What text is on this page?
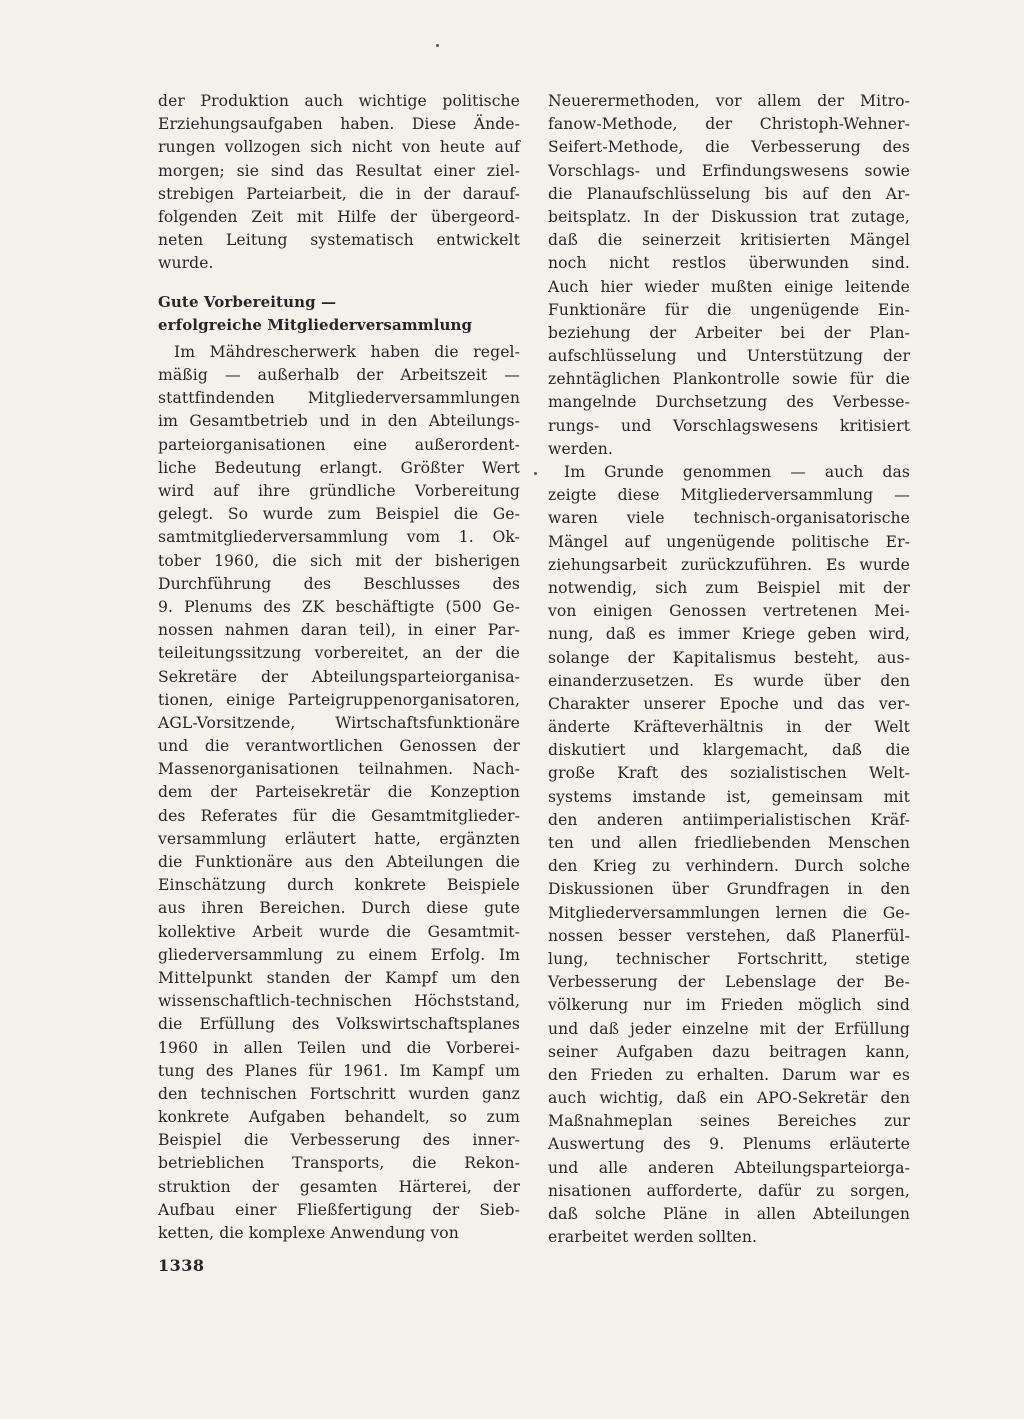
der Produktion auch wichtige politische
Erziehungsaufgaben haben. Diese Ände-
rungen vollzogen sich nicht von heute auf
morgen; sie sind das Resultat einer ziel-
strebigen Parteiarbeit, die in der darauf-
folgenden Zeit mit Hilfe der übergeord-
neten Leitung systematisch entwickelt
wurde.
Gute Vorbereitung —
erfolgreiche Mitgliederversammlung
Im Mähdrescherwerk haben die regel-
mäßig — außerhalb der Arbeitszeit —
stattfindenden Mitgliederversammlungen
im Gesamtbetrieb und in den Abteilungs-
parteiorganisationen eine außerordent-
liche Bedeutung erlangt. Größter Wert
wird auf ihre gründliche Vorbereitung
gelegt. So wurde zum Beispiel die Ge-
samtmitgliederversammlung vom 1. Ok-
tober 1960, die sich mit der bisherigen
Durchführung des Beschlusses des
9. Plenums des ZK beschäftigte (500 Ge-
nossen nahmen daran teil), in einer Par-
teileitungssitzung vorbereitet, an der die
Sekretäre der Abteilungsparteiorganisa-
tionen, einige Parteigruppenorganisatoren,
AGL-Vorsitzende, Wirtschaftsfunktionäre
und die verantwortlichen Genossen der
Massenorganisationen teilnahmen. Nach-
dem der Parteisekretär die Konzeption
des Referates für die Gesamtmitglieder-
versammlung erläutert hatte, ergänzten
die Funktionäre aus den Abteilungen die
Einschätzung durch konkrete Beispiele
aus ihren Bereichen. Durch diese gute
kollektive Arbeit wurde die Gesamtmit-
gliederversammlung zu einem Erfolg. Im
Mittelpunkt standen der Kampf um den
wissenschaftlich-technischen Höchststand,
die Erfüllung des Volkswirtschaftsplanes
1960 in allen Teilen und die Vorberei-
tung des Planes für 1961. Im Kampf um
den technischen Fortschritt wurden ganz
konkrete Aufgaben behandelt, so zum
Beispiel die Verbesserung des inner-
betrieblichen Transports, die Rekon-
struktion der gesamten Härterei, der
Aufbau einer Fließfertigung der Sieb-
ketten, die komplexe Anwendung von
Neuerermethoden, vor allem der Mitro-
fanow-Methode, der Christoph-Wehner-
Seifert-Methode, die Verbesserung des
Vorschlags- und Erfindungswesens sowie
die Planaufschlüsselung bis auf den Ar-
beitsplatz. In der Diskussion trat zutage,
daß die seinerzeit kritisierten Mängel
noch nicht restlos überwunden sind.
Auch hier wieder mußten einige leitende
Funktionäre für die ungenügende Ein-
beziehung der Arbeiter bei der Plan-
aufschlüsselung und Unterstützung der
zehntäglichen Plankontrolle sowie für die
mangelnde Durchsetzung des Verbesse-
rungs- und Vorschlagswesens kritisiert
werden.
Im Grunde genommen — auch das
zeigte diese Mitgliederversammlung —
waren viele technisch-organisatorische
Mängel auf ungenügende politische Er-
ziehungsarbeit zurückzuführen. Es wurde
notwendig, sich zum Beispiel mit der
von einigen Genossen vertretenen Mei-
nung, daß es immer Kriege geben wird,
solange der Kapitalismus besteht, aus-
einanderzusetzen. Es wurde über den
Charakter unserer Epoche und das ver-
änderte Kräfteverhältnis in der Welt
diskutiert und klargemacht, daß die
große Kraft des sozialistischen Welt-
systems imstande ist, gemeinsam mit
den anderen antiimperialistischen Kräf-
ten und allen friedliebenden Menschen
den Krieg zu verhindern. Durch solche
Diskussionen über Grundfragen in den
Mitgliederversammlungen lernen die Ge-
nossen besser verstehen, daß Planerfül-
lung, technischer Fortschritt, stetige
Verbesserung der Lebenslage der Be-
völkerung nur im Frieden möglich sind
und daß jeder einzelne mit der Erfüllung
seiner Aufgaben dazu beitragen kann,
den Frieden zu erhalten. Darum war es
auch wichtig, daß ein APO-Sekretär den
Maßnahmeplan seines Bereiches zur
Auswertung des 9. Plenums erläuterte
und alle anderen Abteilungsparteiorga-
nisationen aufforderte, dafür zu sorgen,
daß solche Pläne in allen Abteilungen
erarbeitet werden sollten.
1338
